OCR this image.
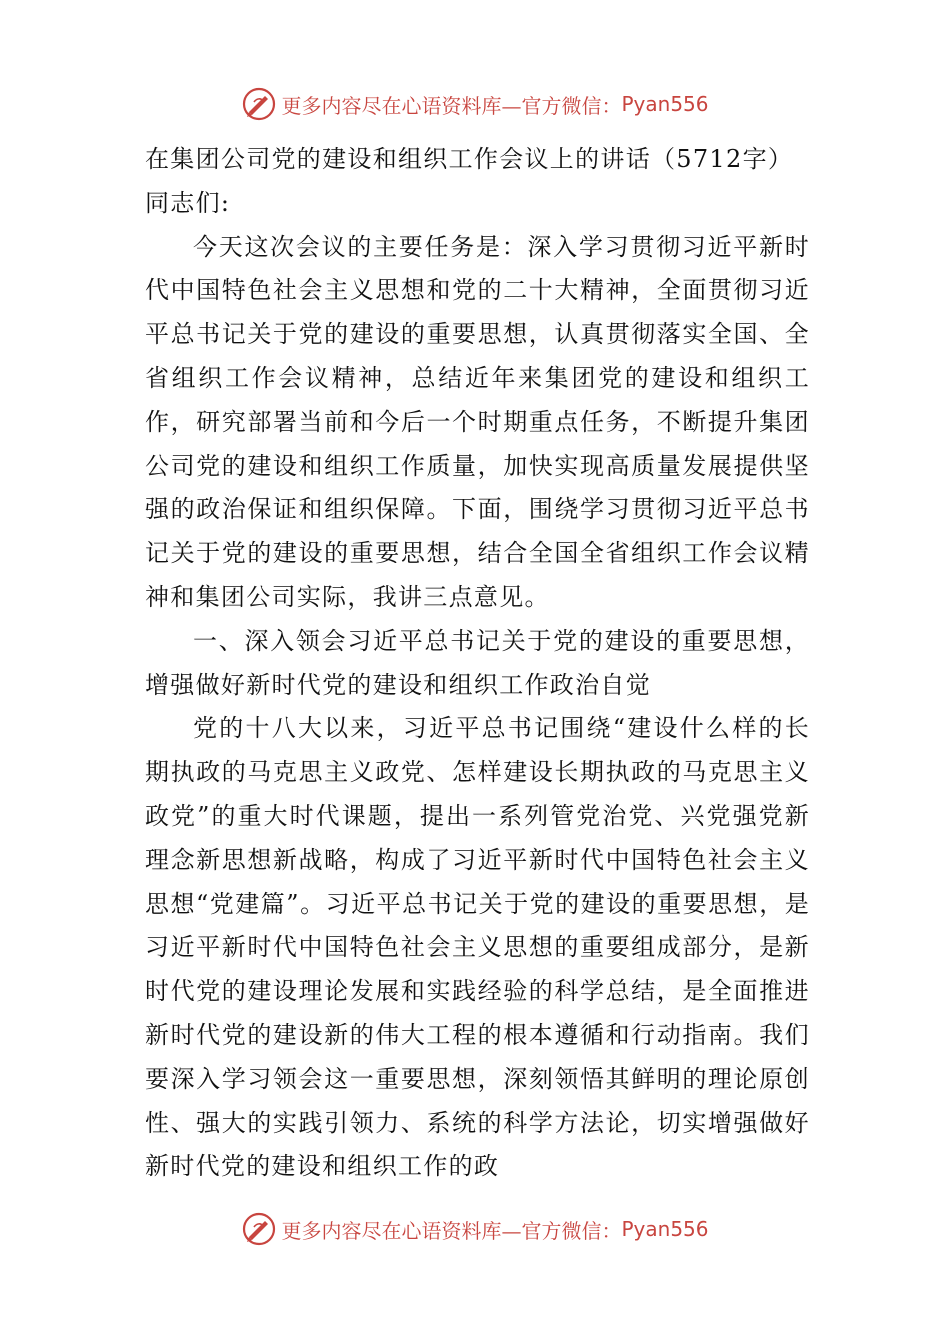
更多内容尽在心语资料库—官方微信： Pyan556
在集团公司党的建设和组织工作会议上的讲话（5712字）
同志们:

今天这次会议的主要任务是：深入学习贯彻习近平新时代中国特色社会主义思想和党的二十大精神，全面贯彻习近平总书记关于党的建设的重要思想，认真贯彻落实全国、全省组织工作会议精神，总结近年来集团党的建设和组织工作，研究部署当前和今后一个时期重点任务，不断提升集团公司党的建设和组织工作质量，加快实现高质量发展提供坚强的政治保证和组织保障。下面，围绕学习贯彻习近平总书记关于党的建设的重要思想，结合全国全省组织工作会议精神和集团公司实际，我讲三点意见。

一、深入领会习近平总书记关于党的建设的重要思想，增强做好新时代党的建设和组织工作政治自觉

党的十八大以来，习近平总书记围绕“建设什么样的长期执政的马克思主义政党、怎样建设长期执政的马克思主义政党”的重大时代课题，提出一系列管党治党、兴党强党新理念新思想新战略，构成了习近平新时代中国特色社会主义思想“党建篇”。习近平总书记关于党的建设的重要思想，是习近平新时代中国特色社会主义思想的重要组成部分，是新时代党的建设理论发展和实践经验的科学总结，是全面推进新时代党的建设新的伟大工程的根本遵循和行动指南。我们要深入学习领会这一重要思想，深刻领悟其鲜明的理论原创性、强大的实践引领力、系统的科学方法论，切实增强做好新时代党的建设和组织工作的政

更多内容尽在心语资料库—官方微信： Pyan556
